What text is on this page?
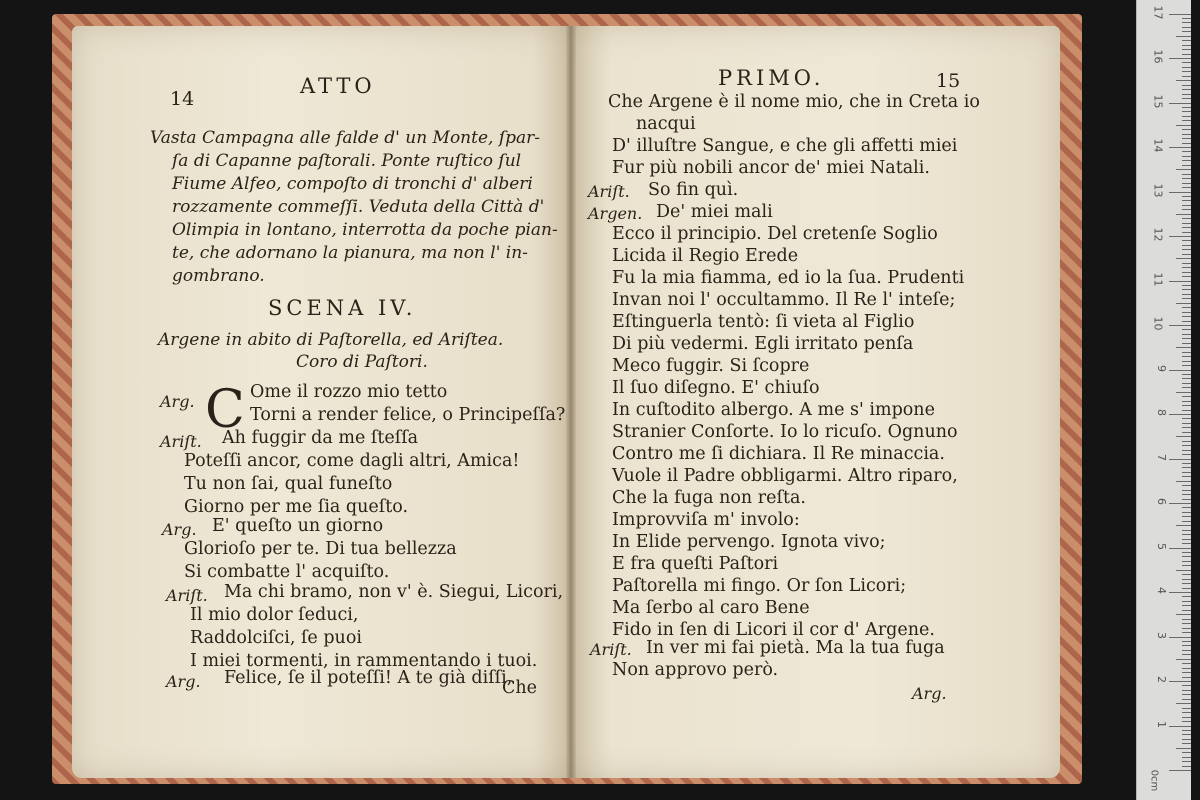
14
ATTO
Vasta Campagna alle falde d' un Monte, ſpar-
ſa di Capanne paſtorali. Ponte ruſtico ſul
Fiume Alfeo, compoſto di tronchi d' alberi
rozzamente commeſſi. Veduta della Città d'
Olimpia in lontano, interrotta da poche pian-
te, che adornano la pianura, ma non l' in-
gombrano.
SCENA IV.
Argene in abito di Paſtorella, ed Ariſtea.
Coro di Paſtori.
C
Arg.	Ome il rozzo mio tetto
Torni a render felice, o Principeſſa?
Ariſt. Ah fuggir da me ſteſſa
Poteſſi ancor, come dagli altri, Amica!
Tu non ſai, qual funeſto
Giorno per me ſia queſto.
Arg. E' queſto un giorno
Glorioſo per te. Di tua bellezza
Si combatte l' acquiſto.
Ariſt. Ma chi bramo, non v' è. Siegui, Licori,
Il mio dolor ſeduci,
Raddolciſci, ſe puoi
I miei tormenti, in rammentando i tuoi.
Arg. Felice, ſe il poteſſi! A te già diſſi,
Che
PRIMO.	15
Che Argene è il nome mio, che in Creta io
nacqui
D' illuſtre Sangue, e che gli affetti miei
Fur più nobili ancor de' miei Natali.
Ariſt. So fin quì.
Argen. De' miei mali
Ecco il principio. Del cretenſe Soglio
Licida il Regio Erede
Fu la mia fiamma, ed io la ſua. Prudenti
Invan noi l' occultammo. Il Re l' inteſe;
Eſtinguerla tentò: ſi vieta al Figlio
Di più vedermi. Egli irritato penſa
Meco fuggir. Si ſcopre
Il ſuo diſegno. E' chiuſo
In cuſtodito albergo. A me s' impone
Stranier Conſorte. Io lo ricuſo. Ognuno
Contro me ſi dichiara. Il Re minaccia.
Vuole il Padre obbligarmi. Altro riparo,
Che la fuga non reſta.
Improvviſa m' involo:
In Elide pervengo. Ignota vivo;
E fra queſti Paſtori
Paſtorella mi fingo. Or ſon Licori;
Ma ſerbo al caro Bene
Fido in ſen di Licori il cor d' Argene.
Ariſt. In ver mi fai pietà. Ma la tua fuga
Non approvo però.
Arg.
0cm
1
2
3
4
5
6
7
8
9
10
11
12
13
14
15
16
17
